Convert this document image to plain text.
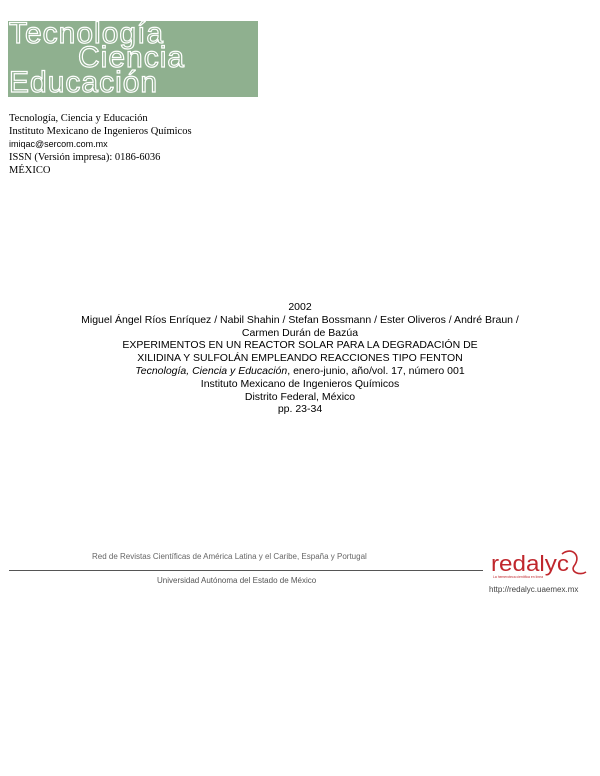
Tecnología
Ciencia
Educación
Tecnología, Ciencia y Educación
Instituto Mexicano de Ingenieros Químicos
imiqac@sercom.com.mx
ISSN (Versión impresa): 0186-6036
MÉXICO
2002
Miguel Ángel Ríos Enríquez / Nabil Shahin / Stefan Bossmann / Ester Oliveros / André Braun / Carmen Durán de Bazúa
EXPERIMENTOS EN UN REACTOR SOLAR PARA LA DEGRADACIÓN DE
XILIDINA Y SULFOLÁN EMPLEANDO REACCIONES TIPO FENTON
Tecnología, Ciencia y Educación, enero-junio, año/vol. 17, número 001
Instituto Mexicano de Ingenieros Químicos
Distrito Federal, México
pp. 23-34
Red de Revistas Científicas de América Latina y el Caribe, España y Portugal
Universidad Autónoma del Estado de México
redalyc
La hemeroteca científica en línea
http://redalyc.uaemex.mx
